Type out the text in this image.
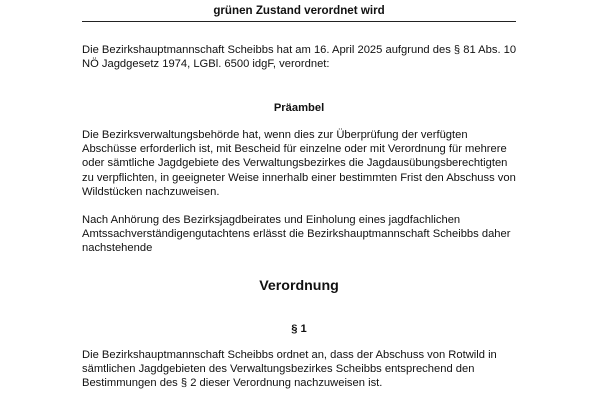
grünen Zustand verordnet wird

Die Bezirkshauptmannschaft Scheibbs hat am 16. April 2025 aufgrund des § 81 Abs. 10 NÖ Jagdgesetz 1974, LGBl. 6500 idgF, verordnet:

Präambel

Die Bezirksverwaltungsbehörde hat, wenn dies zur Überprüfung der verfügten Abschüsse erforderlich ist, mit Bescheid für einzelne oder mit Verordnung für mehrere oder sämtliche Jagdgebiete des Verwaltungsbezirkes die Jagdausübungsberechtigten zu verpflichten, in geeigneter Weise innerhalb einer bestimmten Frist den Abschuss von Wildstücken nachzuweisen.

Nach Anhörung des Bezirksjagdbeirates und Einholung eines jagdfachlichen Amtssachverständigengutachtens erlässt die Bezirkshauptmannschaft Scheibbs daher nachstehende

Verordnung
§ 1

Die Bezirkshauptmannschaft Scheibbs ordnet an, dass der Abschuss von Rotwild in sämtlichen Jagdgebieten des Verwaltungsbezirkes Scheibbs entsprechend den Bestimmungen des § 2 dieser Verordnung nachzuweisen ist.
